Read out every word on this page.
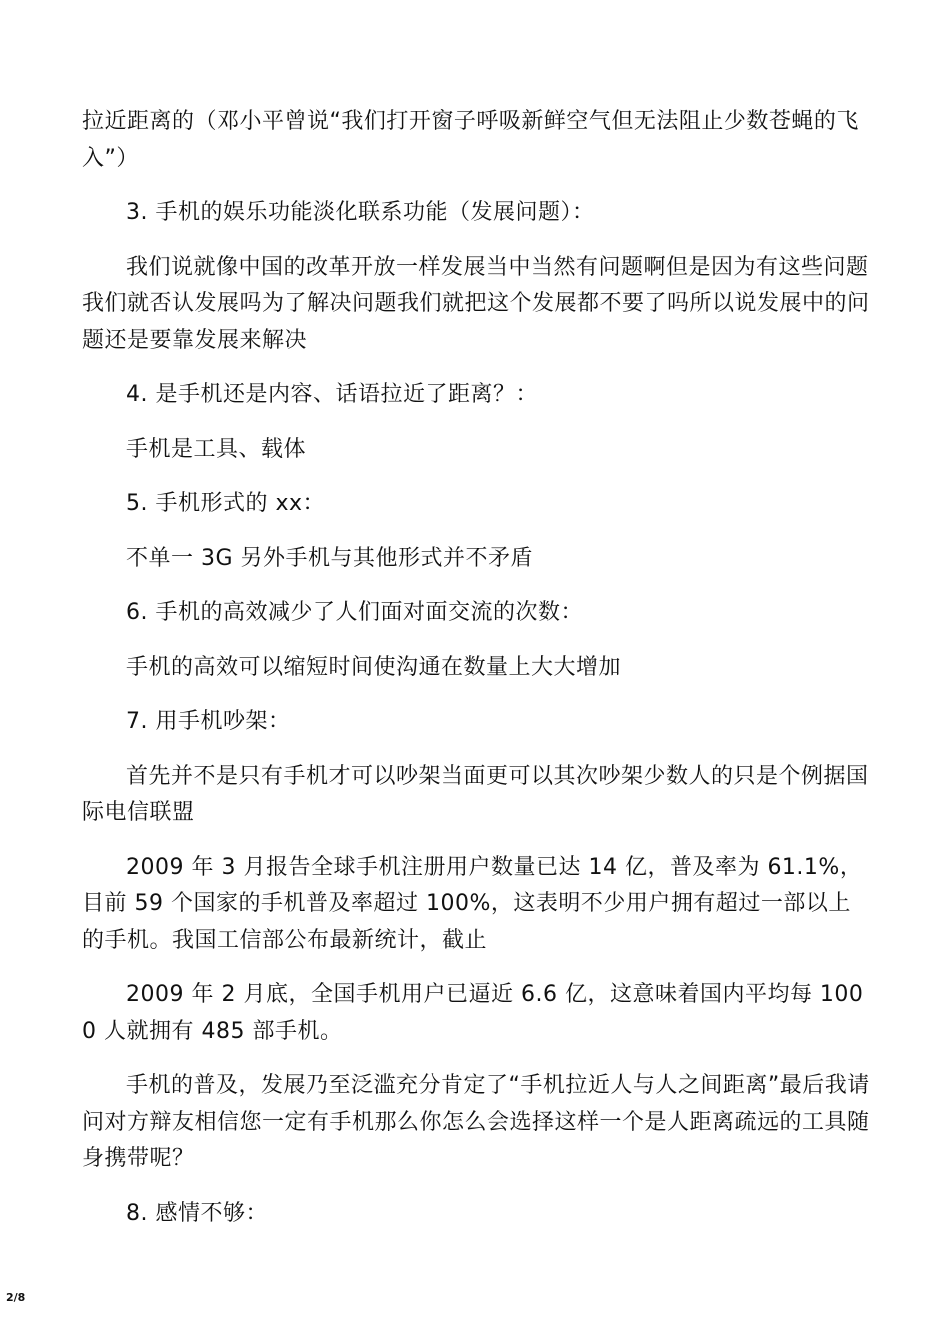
拉近距离的（邓小平曾说“我们打开窗子呼吸新鲜空气但无法阻止少数苍蝇的飞入”）

3. 手机的娱乐功能淡化联系功能（发展问题）：

我们说就像中国的改革开放一样发展当中当然有问题啊但是因为有这些问题我们就否认发展吗为了解决问题我们就把这个发展都不要了吗所以说发展中的问题还是要靠发展来解决

4. 是手机还是内容、话语拉近了距离？：

手机是工具、载体

5. 手机形式的 xx：

不单一 3G 另外手机与其他形式并不矛盾

6. 手机的高效减少了人们面对面交流的次数：

手机的高效可以缩短时间使沟通在数量上大大增加

7. 用手机吵架：

首先并不是只有手机才可以吵架当面更可以其次吵架少数人的只是个例据国际电信联盟

2009 年 3 月报告全球手机注册用户数量已达 14 亿，普及率为 61.1%，目前 59 个国家的手机普及率超过 100%，这表明不少用户拥有超过一部以上的手机。我国工信部公布最新统计，截止

2009 年 2 月底，全国手机用户已逼近 6.6 亿，这意味着国内平均每 1000 人就拥有 485 部手机。

手机的普及，发展乃至泛滥充分肯定了“手机拉近人与人之间距离”最后我请问对方辩友相信您一定有手机那么你怎么会选择这样一个是人距离疏远的工具随身携带呢？

8. 感情不够：

2/8
